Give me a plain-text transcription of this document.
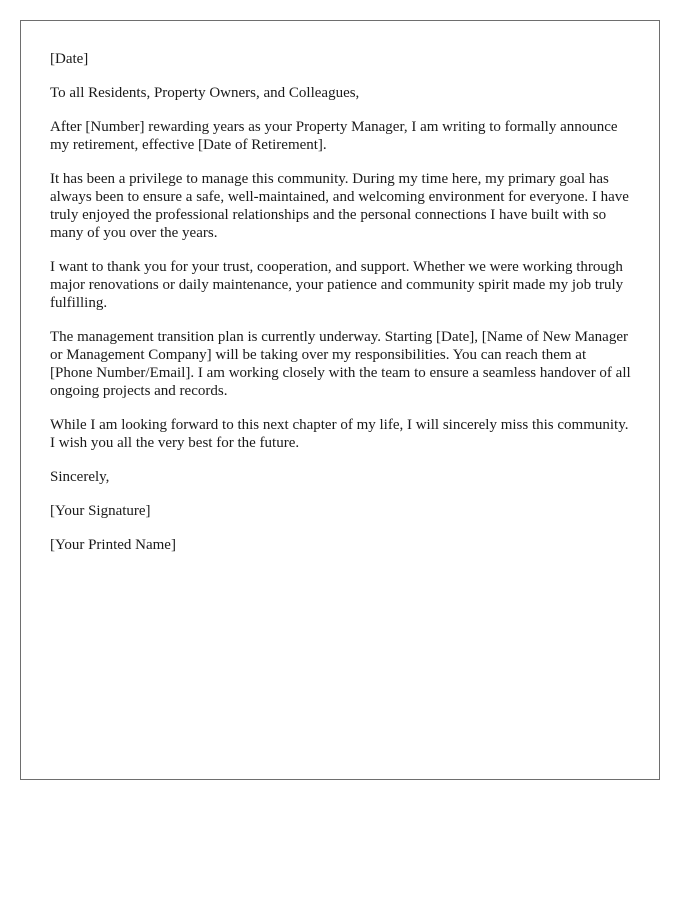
[Date]

To all Residents, Property Owners, and Colleagues,

After [Number] rewarding years as your Property Manager, I am writing to formally announce my retirement, effective [Date of Retirement].

It has been a privilege to manage this community. During my time here, my primary goal has always been to ensure a safe, well-maintained, and welcoming environment for everyone. I have truly enjoyed the professional relationships and the personal connections I have built with so many of you over the years.

I want to thank you for your trust, cooperation, and support. Whether we were working through major renovations or daily maintenance, your patience and community spirit made my job truly fulfilling.

The management transition plan is currently underway. Starting [Date], [Name of New Manager or Management Company] will be taking over my responsibilities. You can reach them at [Phone Number/Email]. I am working closely with the team to ensure a seamless handover of all ongoing projects and records.

While I am looking forward to this next chapter of my life, I will sincerely miss this community. I wish you all the very best for the future.

Sincerely,

[Your Signature]

[Your Printed Name]
